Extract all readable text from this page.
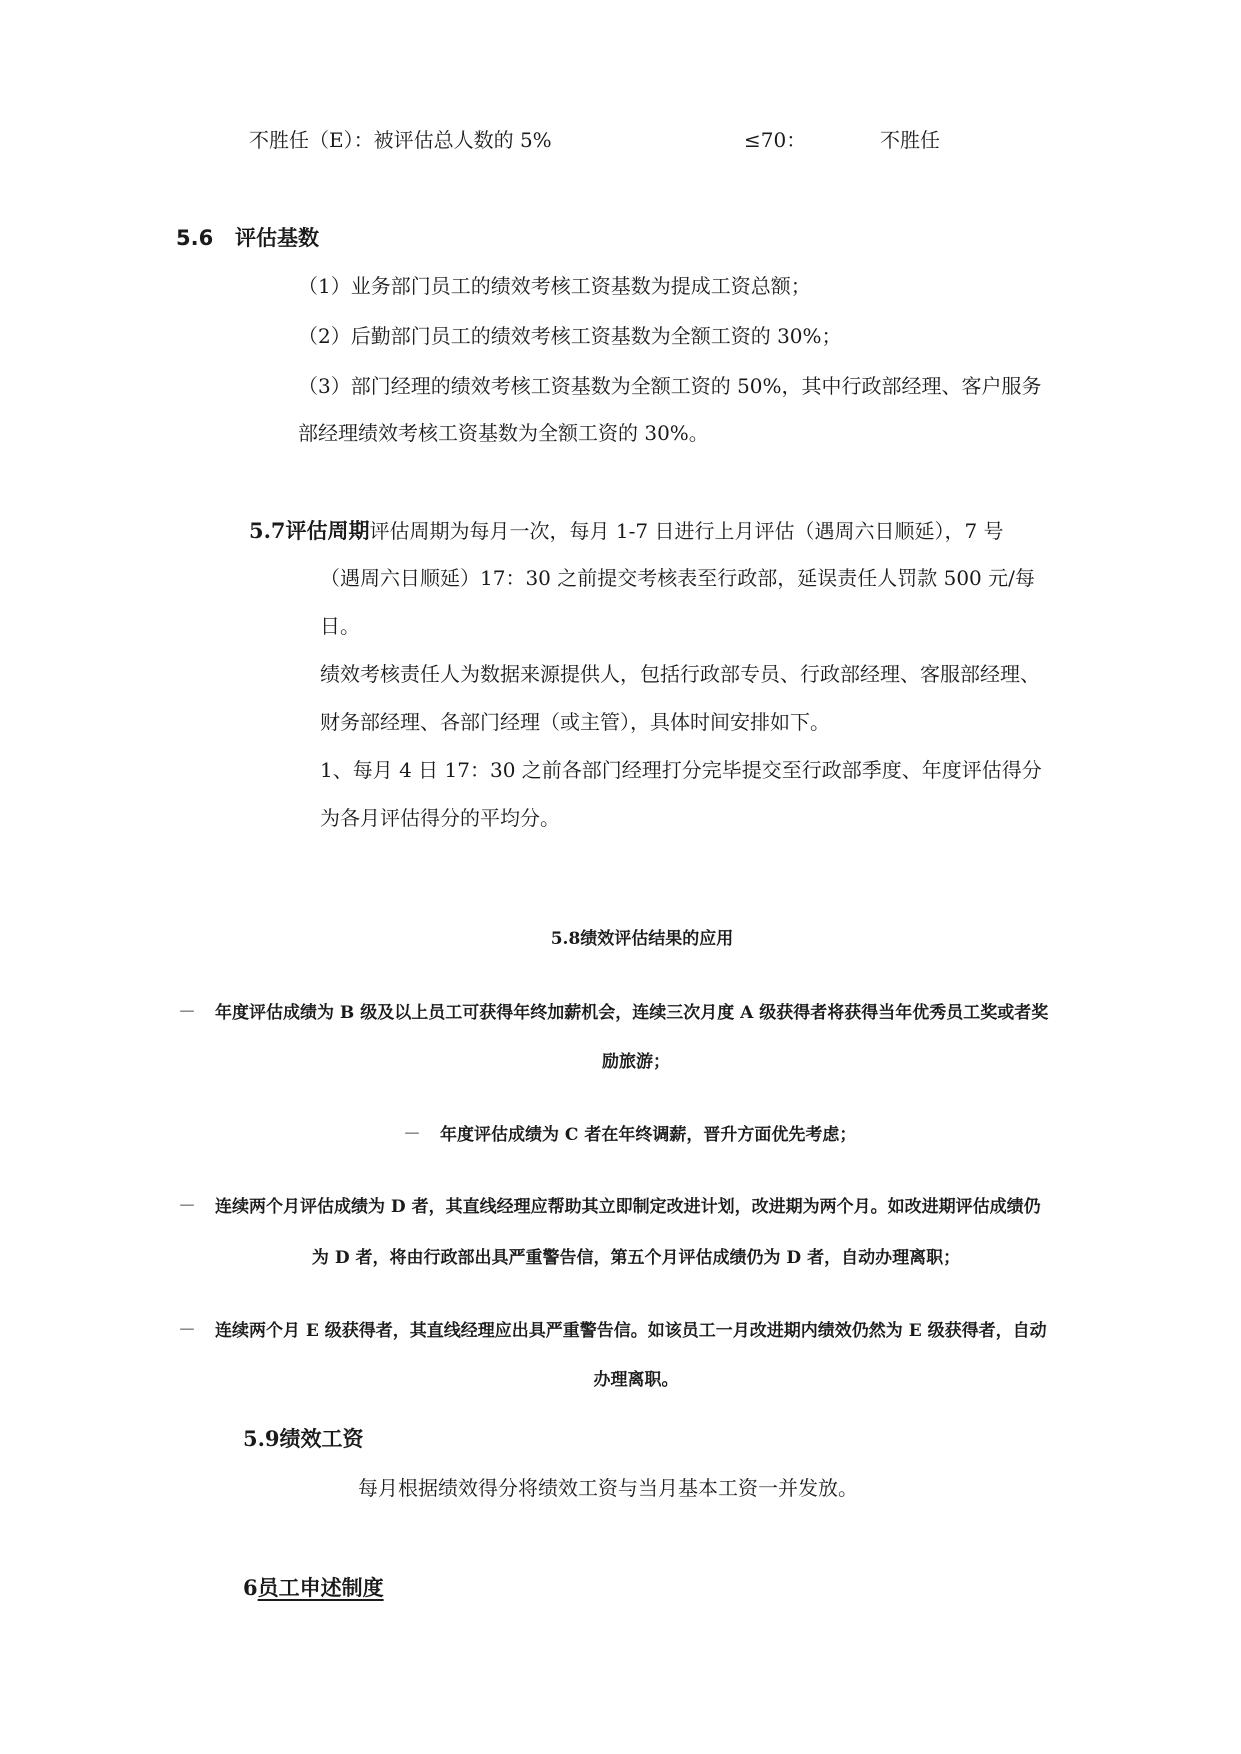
不胜任（E）：被评估总人数的 5%	≤70：	不胜任
5.6 评估基数
（1）业务部门员工的绩效考核工资基数为提成工资总额；
（2）后勤部门员工的绩效考核工资基数为全额工资的 30%；
（3）部门经理的绩效考核工资基数为全额工资的 50%，其中行政部经理、客户服务
部经理绩效考核工资基数为全额工资的 30%。
5.7评估周期评估周期为每月一次，每月 1-7 日进行上月评估（遇周六日顺延），7 号
（遇周六日顺延）17：30 之前提交考核表至行政部，延误责任人罚款 500 元/每
日。
绩效考核责任人为数据来源提供人，包括行政部专员、行政部经理、客服部经理、
财务部经理、各部门经理（或主管），具体时间安排如下。
1、每月 4 日 17：30 之前各部门经理打分完毕提交至行政部季度、年度评估得分
为各月评估得分的平均分。
5.8绩效评估结果的应用
－ 年度评估成绩为 B 级及以上员工可获得年终加薪机会，连续三次月度 A 级获得者将获得当年优秀员工奖或者奖
励旅游；
－ 年度评估成绩为 C 者在年终调薪，晋升方面优先考虑；
－ 连续两个月评估成绩为 D 者，其直线经理应帮助其立即制定改进计划，改进期为两个月。如改进期评估成绩仍
为 D 者，将由行政部出具严重警告信，第五个月评估成绩仍为 D 者，自动办理离职；
－ 连续两个月 E 级获得者，其直线经理应出具严重警告信。如该员工一月改进期内绩效仍然为 E 级获得者，自动
办理离职。
5.9绩效工资
每月根据绩效得分将绩效工资与当月基本工资一并发放。
6员工申述制度
